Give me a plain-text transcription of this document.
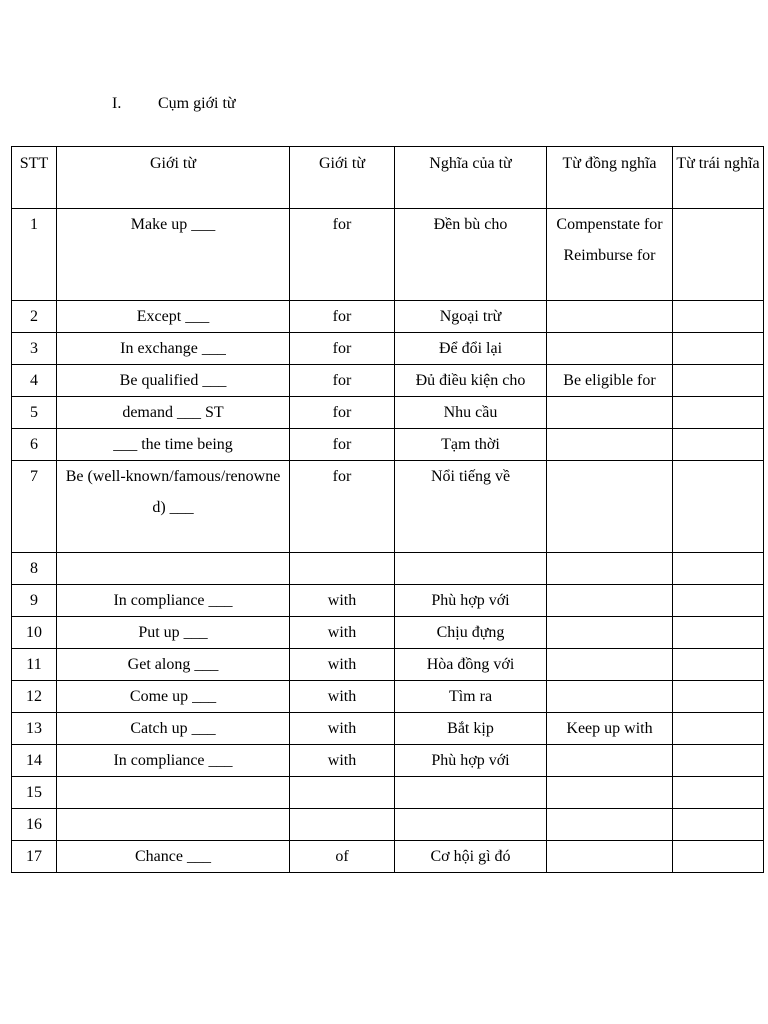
I. Cụm giới từ
STT	Giới từ	Giới từ	Nghĩa của từ	Từ đồng nghĩa	Từ trái nghĩa
1	Make up ___	for	Đền bù cho	Compenstate for Reimburse for	
2	Except ___	for	Ngoại trừ		
3	In exchange ___	for	Để đổi lại		
4	Be qualified ___	for	Đủ điều kiện cho	Be eligible for	
5	demand ___ ST	for	Nhu cầu		
6	___ the time being	for	Tạm thời		
7	Be (well-known/famous/renowned) ___	for	Nổi tiếng về		
8					
9	In compliance ___	with	Phù hợp với		
10	Put up ___	with	Chịu đựng		
11	Get along ___	with	Hòa đồng với		
12	Come up ___	with	Tìm ra		
13	Catch up ___	with	Bắt kịp	Keep up with	
14	In compliance ___	with	Phù hợp với		
15					
16					
17	Chance ___	of	Cơ hội gì đó		
